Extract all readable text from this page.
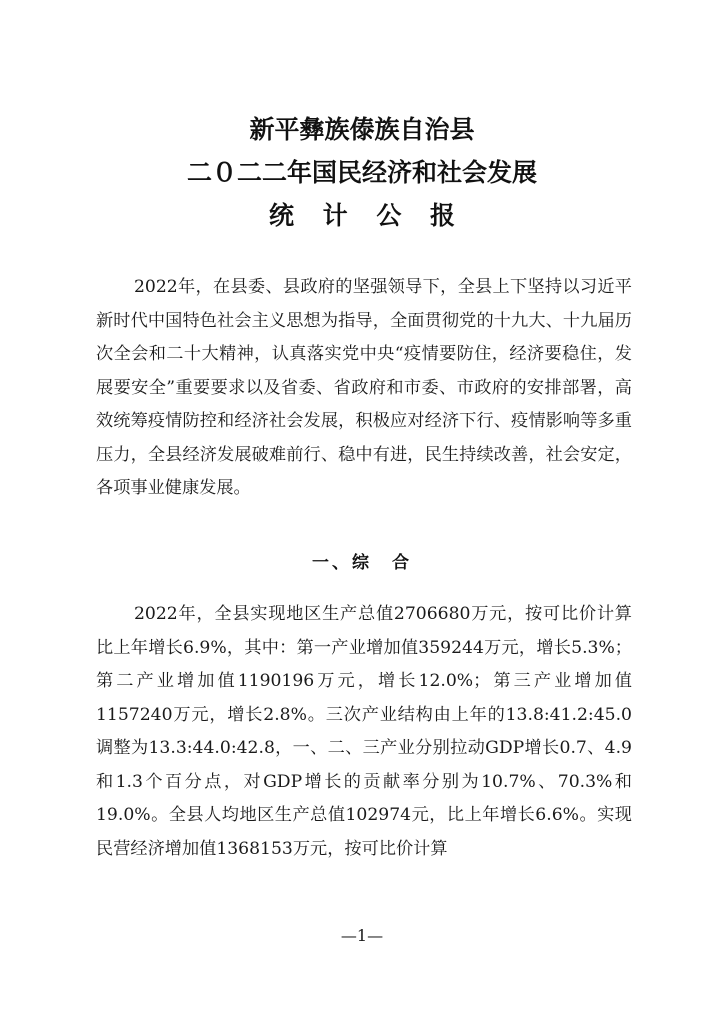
新平彝族傣族自治县
二０二二年国民经济和社会发展
统 计 公 报

2022年，在县委、县政府的坚强领导下，全县上下坚持以习近平新时代中国特色社会主义思想为指导，全面贯彻党的十九大、十九届历次全会和二十大精神，认真落实党中央“疫情要防住，经济要稳住，发展要安全”重要要求以及省委、省政府和市委、市政府的安排部署，高效统筹疫情防控和经济社会发展，积极应对经济下行、疫情影响等多重压力，全县经济发展破难前行、稳中有进，民生持续改善，社会安定，各项事业健康发展。

一、综　合

2022年，全县实现地区生产总值2706680万元，按可比价计算比上年增长6.9%，其中：第一产业增加值359244万元，增长5.3%；第二产业增加值1190196万元，增长12.0%；第三产业增加值1157240万元，增长2.8%。三次产业结构由上年的13.8:41.2:45.0调整为13.3:44.0:42.8，一、二、三产业分别拉动GDP增长0.7、4.9和1.3个百分点，对GDP增长的贡献率分别为10.7%、70.3%和19.0%。全县人均地区生产总值102974元，比上年增长6.6%。实现民营经济增加值1368153万元，按可比价计算

—1—
